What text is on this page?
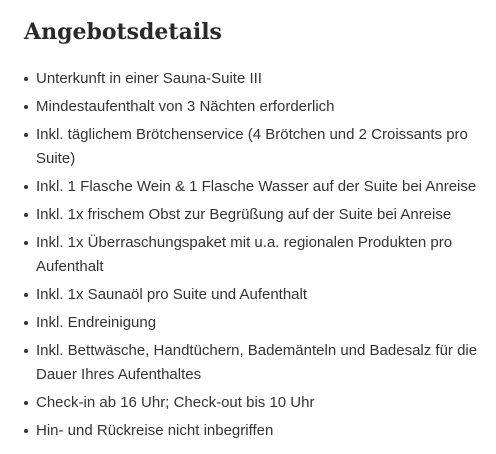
Angebotsdetails
Unterkunft in einer Sauna-Suite III
Mindestaufenthalt von 3 Nächten erforderlich
Inkl. täglichem Brötchenservice (4 Brötchen und 2 Croissants pro Suite)
Inkl. 1 Flasche Wein & 1 Flasche Wasser auf der Suite bei Anreise
Inkl. 1x frischem Obst zur Begrüßung auf der Suite bei Anreise
Inkl. 1x Überraschungspaket mit u.a. regionalen Produkten pro Aufenthalt
Inkl. 1x Saunaöl pro Suite und Aufenthalt
Inkl. Endreinigung
Inkl. Bettwäsche, Handtüchern, Bademänteln und Badesalz für die Dauer Ihres Aufenthaltes
Check-in ab 16 Uhr; Check-out bis 10 Uhr
Hin- und Rückreise nicht inbegriffen
